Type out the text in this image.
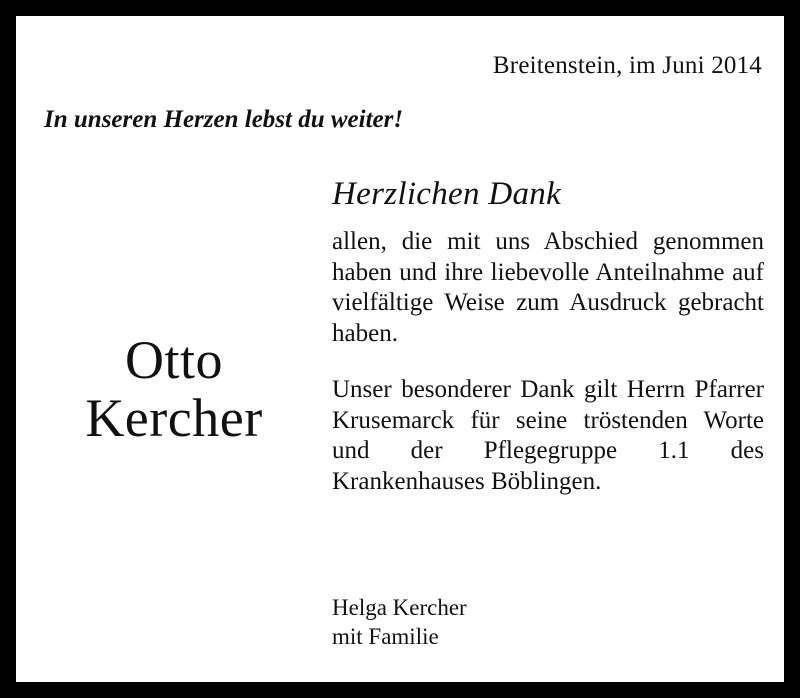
Breitenstein, im Juni 2014
In unseren Herzen lebst du weiter!
Otto
Kercher
Herzlichen Dank

allen, die mit uns Abschied genommen haben und ihre liebevolle Anteilnahme auf vielfältige Weise zum Ausdruck gebracht haben.

Unser besonderer Dank gilt Herrn Pfarrer Krusemarck für seine tröstenden Worte und der Pflegegruppe 1.1 des Krankenhauses Böblingen.

Helga Kercher
mit Familie
